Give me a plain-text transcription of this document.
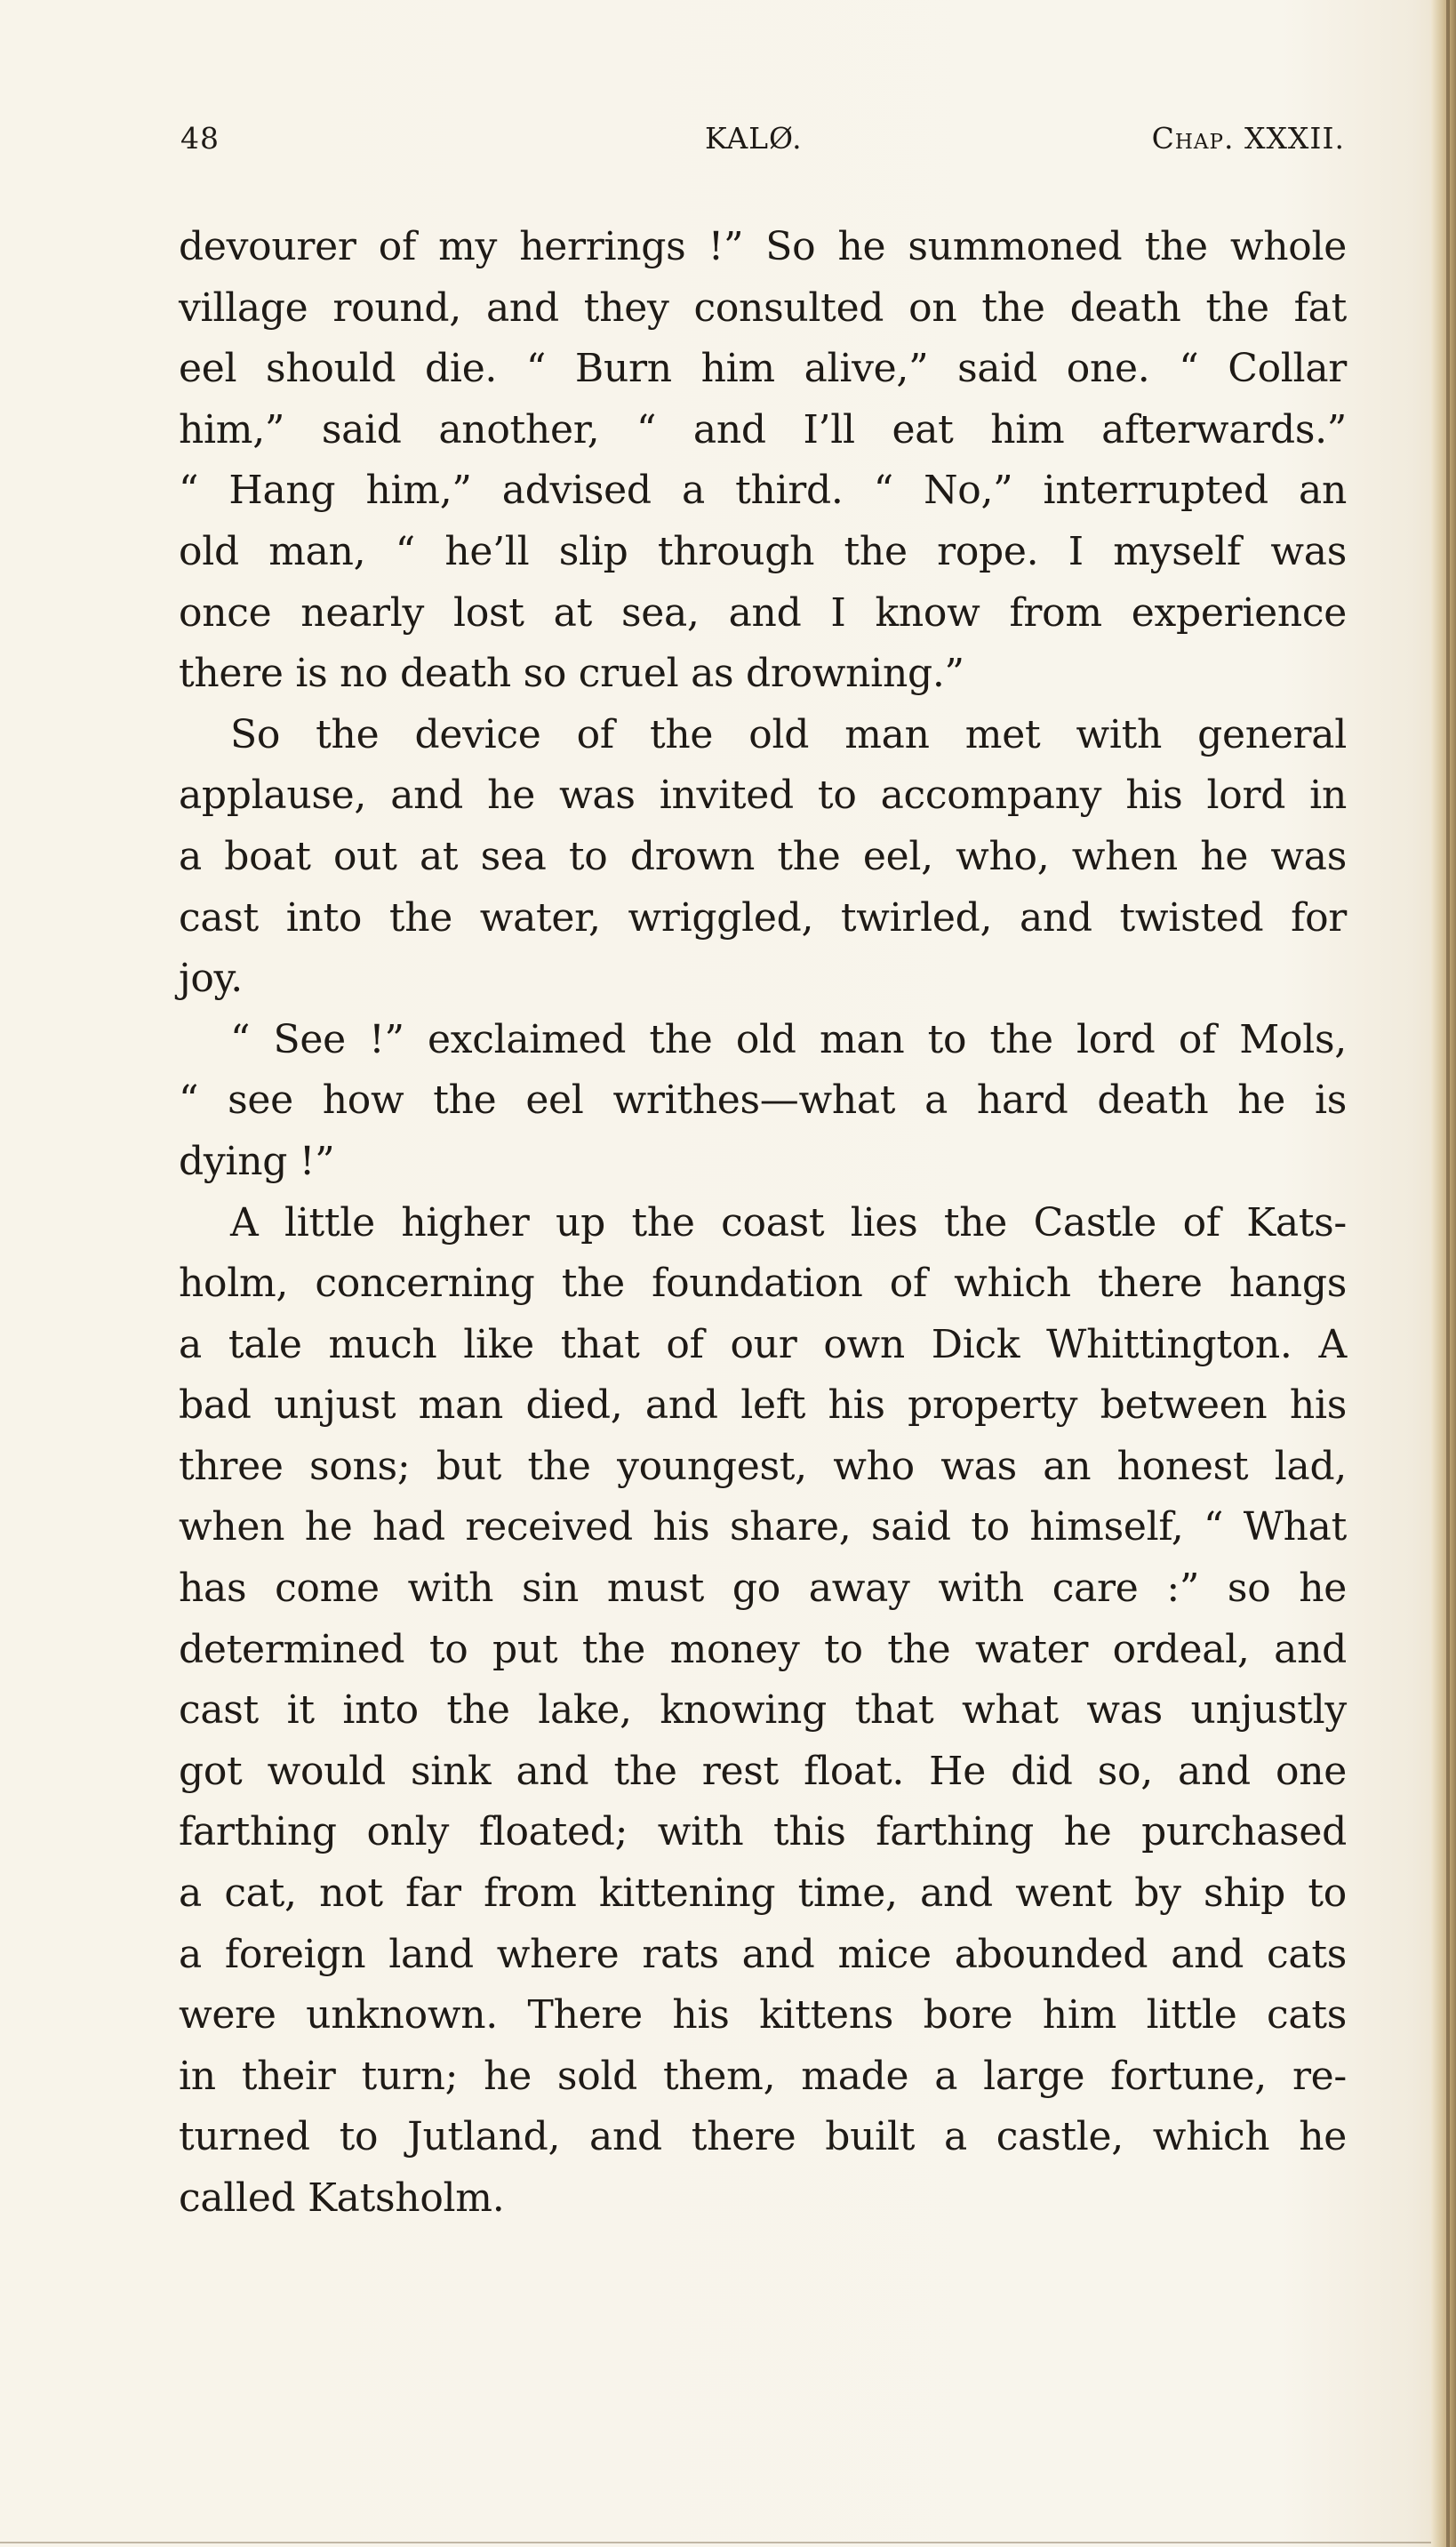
48	KALØ.	Chap. XXXII.
devourer of my herrings !” So he summoned the whole
village round, and they consulted on the death the fat
eel should die. “ Burn him alive,” said one. “ Collar
him,” said another, “ and I’ll eat him afterwards.”
“ Hang him,” advised a third. “ No,” interrupted an
old man, “ he’ll slip through the rope. I myself was
once nearly lost at sea, and I know from experience
there is no death so cruel as drowning.”
So the device of the old man met with general
applause, and he was invited to accompany his lord in
a boat out at sea to drown the eel, who, when he was
cast into the water, wriggled, twirled, and twisted for
joy.
“ See !” exclaimed the old man to the lord of Mols,
“ see how the eel writhes—what a hard death he is
dying !”
A little higher up the coast lies the Castle of Kats-
holm, concerning the foundation of which there hangs
a tale much like that of our own Dick Whittington. A
bad unjust man died, and left his property between his
three sons; but the youngest, who was an honest lad,
when he had received his share, said to himself, “ What
has come with sin must go away with care :” so he
determined to put the money to the water ordeal, and
cast it into the lake, knowing that what was unjustly
got would sink and the rest float. He did so, and one
farthing only floated; with this farthing he purchased
a cat, not far from kittening time, and went by ship to
a foreign land where rats and mice abounded and cats
were unknown. There his kittens bore him little cats
in their turn; he sold them, made a large fortune, re-
turned to Jutland, and there built a castle, which he
called Katsholm.
